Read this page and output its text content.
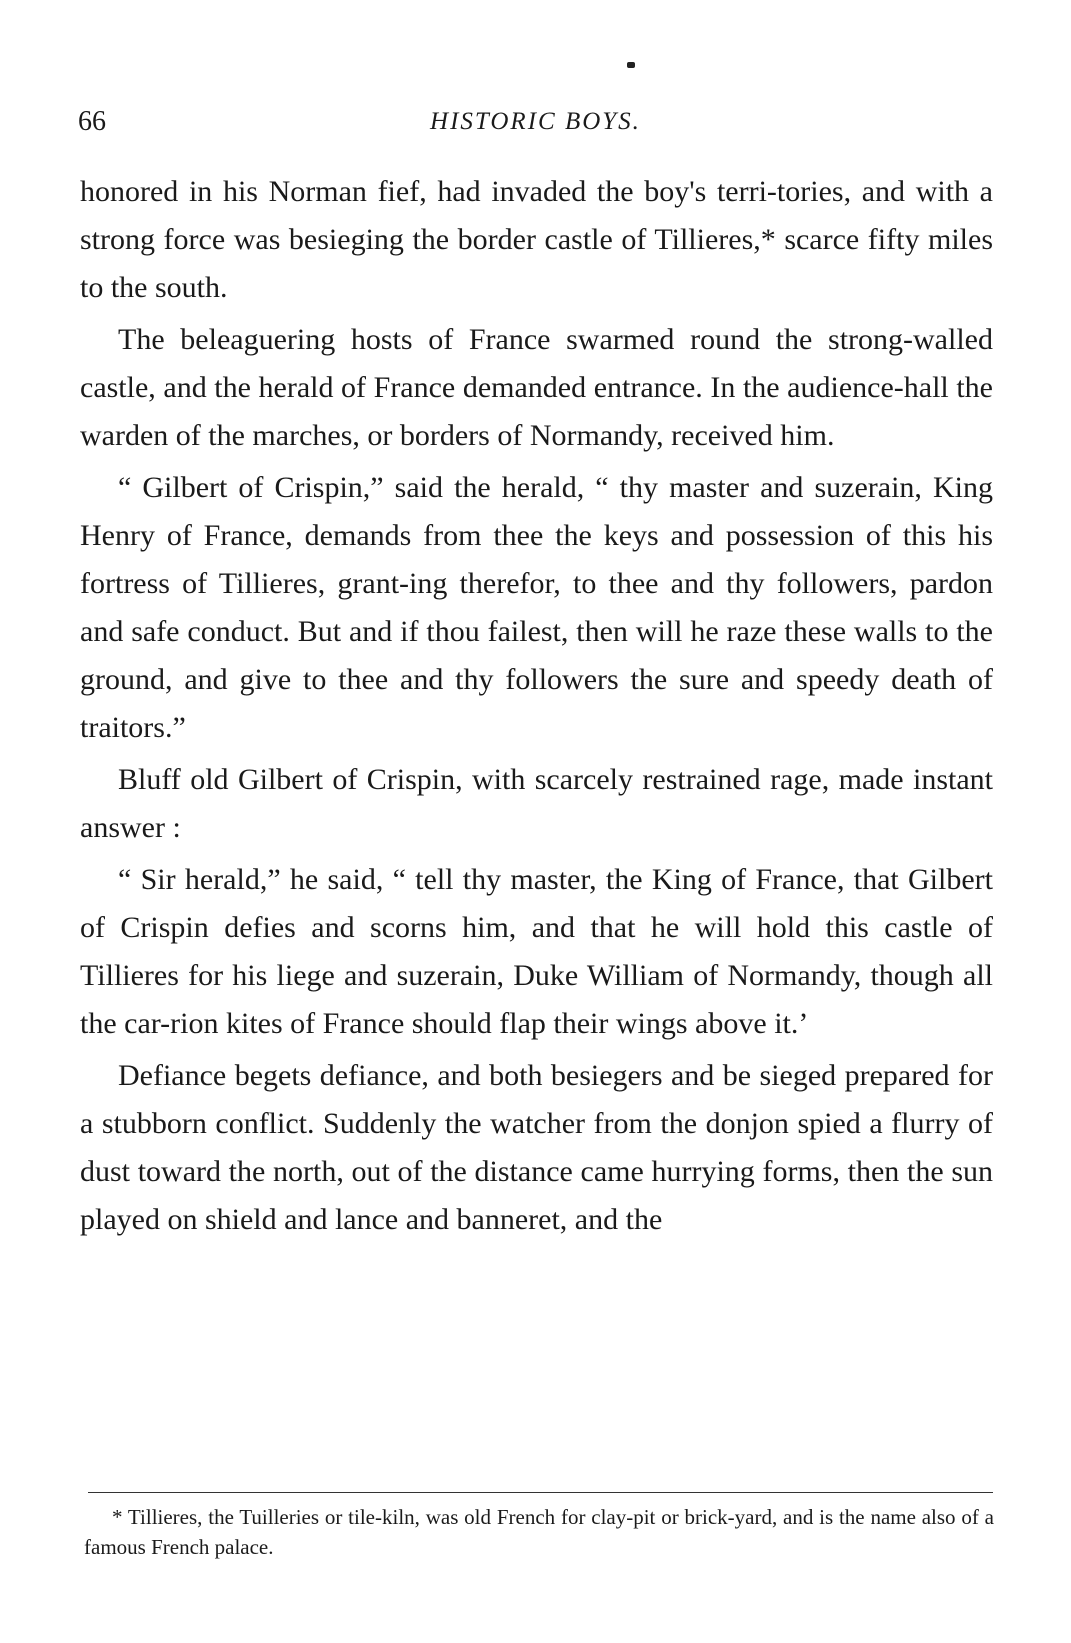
66	HISTORIC BOYS.

honored in his Norman fief, had invaded the boy's terri-tories, and with a strong force was besieging the border castle of Tillieres,* scarce fifty miles to the south.

The beleaguering hosts of France swarmed round the strong-walled castle, and the herald of France demanded entrance. In the audience-hall the warden of the marches, or borders of Normandy, received him.

“ Gilbert of Crispin,” said the herald, “ thy master and suzerain, King Henry of France, demands from thee the keys and possession of this his fortress of Tillieres, grant-ing therefor, to thee and thy followers, pardon and safe conduct. But and if thou failest, then will he raze these walls to the ground, and give to thee and thy followers the sure and speedy death of traitors.”

Bluff old Gilbert of Crispin, with scarcely restrained rage, made instant answer :

“ Sir herald,” he said, “ tell thy master, the King of France, that Gilbert of Crispin defies and scorns him, and that he will hold this castle of Tillieres for his liege and suzerain, Duke William of Normandy, though all the car-rion kites of France should flap their wings above it.’

Defiance begets defiance, and both besiegers and be sieged prepared for a stubborn conflict. Suddenly the watcher from the donjon spied a flurry of dust toward the north, out of the distance came hurrying forms, then the sun played on shield and lance and banneret, and the

* Tillieres, the Tuilleries or tile-kiln, was old French for clay-pit or brick-yard, and is the name also of a famous French palace.
